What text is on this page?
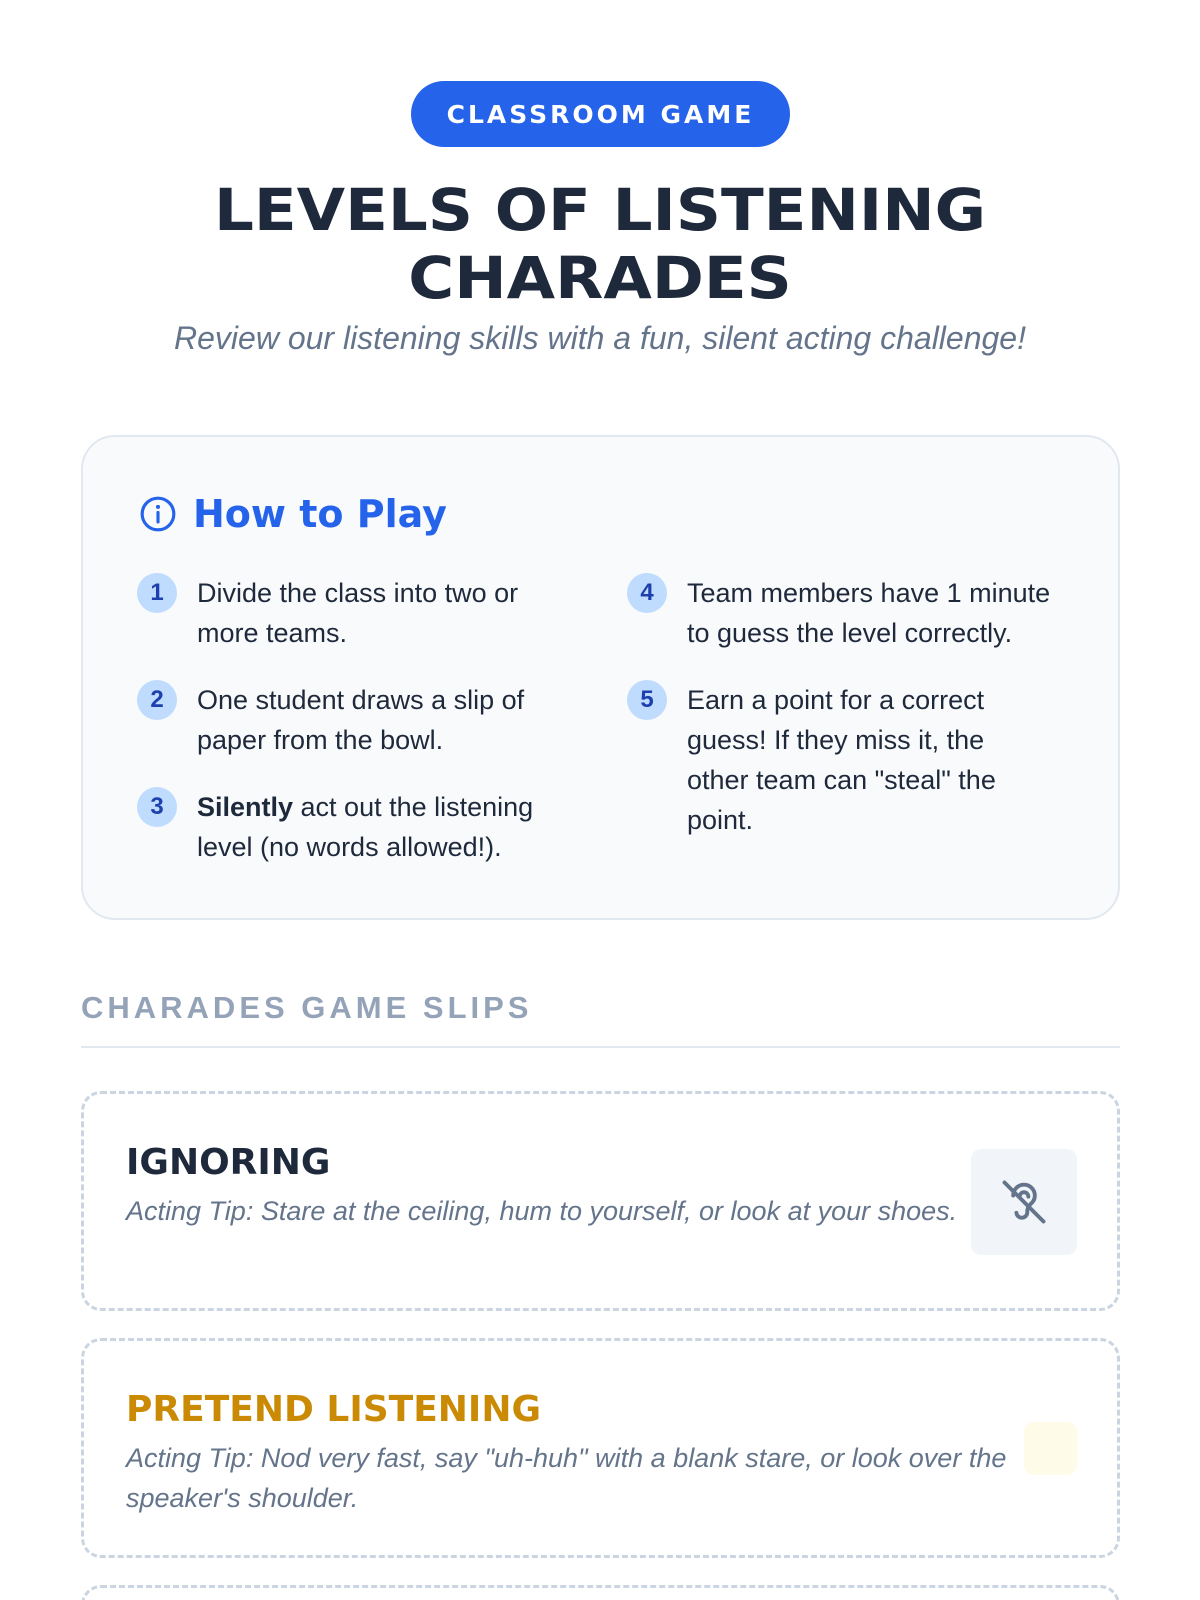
CLASSROOM GAME
LEVELS OF LISTENING
CHARADES
Review our listening skills with a fun, silent acting challenge!
How to Play
1	Divide the class into two or more teams.
2	One student draws a slip of paper from the bowl.
3	Silently act out the listening level (no words allowed!).
4	Team members have 1 minute to guess the level correctly.
5	Earn a point for a correct guess! If they miss it, the other team can "steal" the point.
CHARADES GAME SLIPS
IGNORING
Acting Tip: Stare at the ceiling, hum to yourself, or look at your shoes.
PRETEND LISTENING
Acting Tip: Nod very fast, say "uh-huh" with a blank stare, or look over the speaker's shoulder.
